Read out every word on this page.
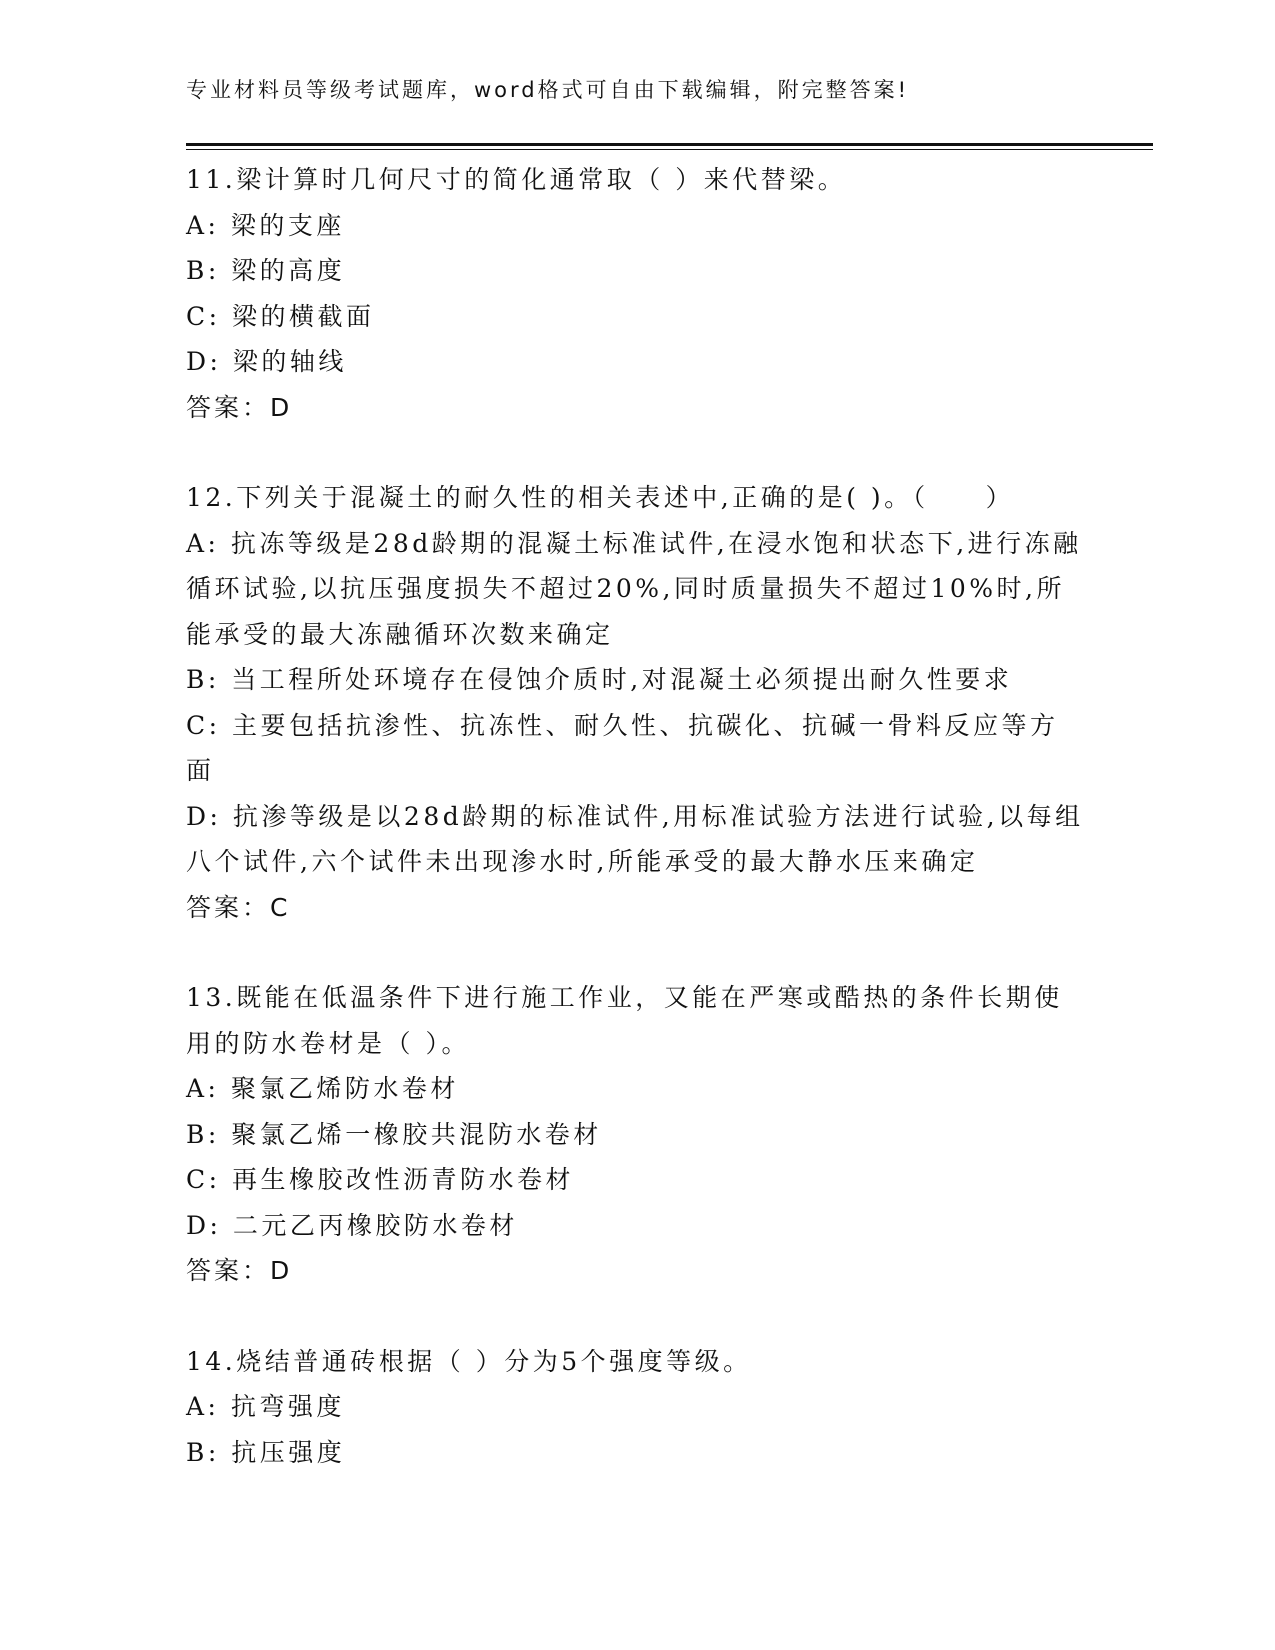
专业材料员等级考试题库，word格式可自由下载编辑，附完整答案!

11.梁计算时几何尺寸的简化通常取（ ）来代替梁。

A: 梁的支座

B: 梁的高度

C: 梁的横截面

D: 梁的轴线

答案：D

12.下列关于混凝土的耐久性的相关表述中,正确的是( )。（　　）

A: 抗冻等级是28d龄期的混凝土标准试件,在浸水饱和状态下,进行冻融循环试验,以抗压强度损失不超过20%,同时质量损失不超过10%时,所能承受的最大冻融循环次数来确定

B: 当工程所处环境存在侵蚀介质时,对混凝土必须提出耐久性要求

C: 主要包括抗渗性、抗冻性、耐久性、抗碳化、抗碱一骨料反应等方面

D: 抗渗等级是以28d龄期的标准试件,用标准试验方法进行试验,以每组八个试件,六个试件未出现渗水时,所能承受的最大静水压来确定

答案：C

13.既能在低温条件下进行施工作业，又能在严寒或酷热的条件长期使用的防水卷材是（ ）。

A: 聚氯乙烯防水卷材

B: 聚氯乙烯一橡胶共混防水卷材

C: 再生橡胶改性沥青防水卷材

D: 二元乙丙橡胶防水卷材

答案：D

14.烧结普通砖根据（ ）分为5个强度等级。

A: 抗弯强度

B: 抗压强度
